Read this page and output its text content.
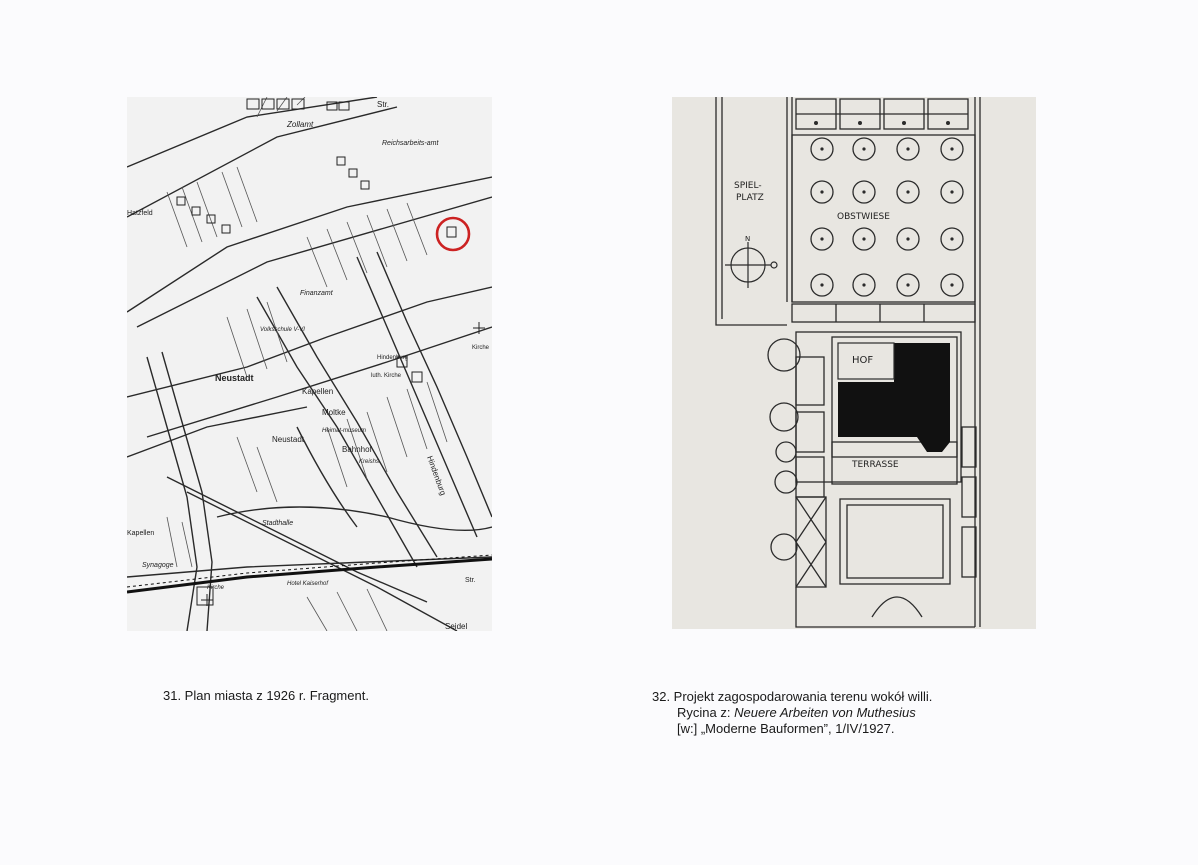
Str.
Zollamt
Reichsarbeits-amt
Hatzfeld
Finanzamt
Volksschule V-VI
Hindenburg
luth. Kirche
Kirche
Neustadt
Kapellen
Moltke
Neustadt
Heimat-museum
Bahnhof
Kreishs.	Hindenburg
Stadthalle
Synagoge
Kapellen
Kirche
Hotel Kaiserhof	Str.
Seidel
SPIEL-
PLATZ
OBSTWIESE
HOF
TERRASSE
N
31. Plan miasta z 1926 r. Fragment.	32. Projekt zagospodarowania terenu wokół willi.
Rycina z: Neuere Arbeiten von Muthesius
[w:] „Moderne Bauformen”, 1/IV/1927.
